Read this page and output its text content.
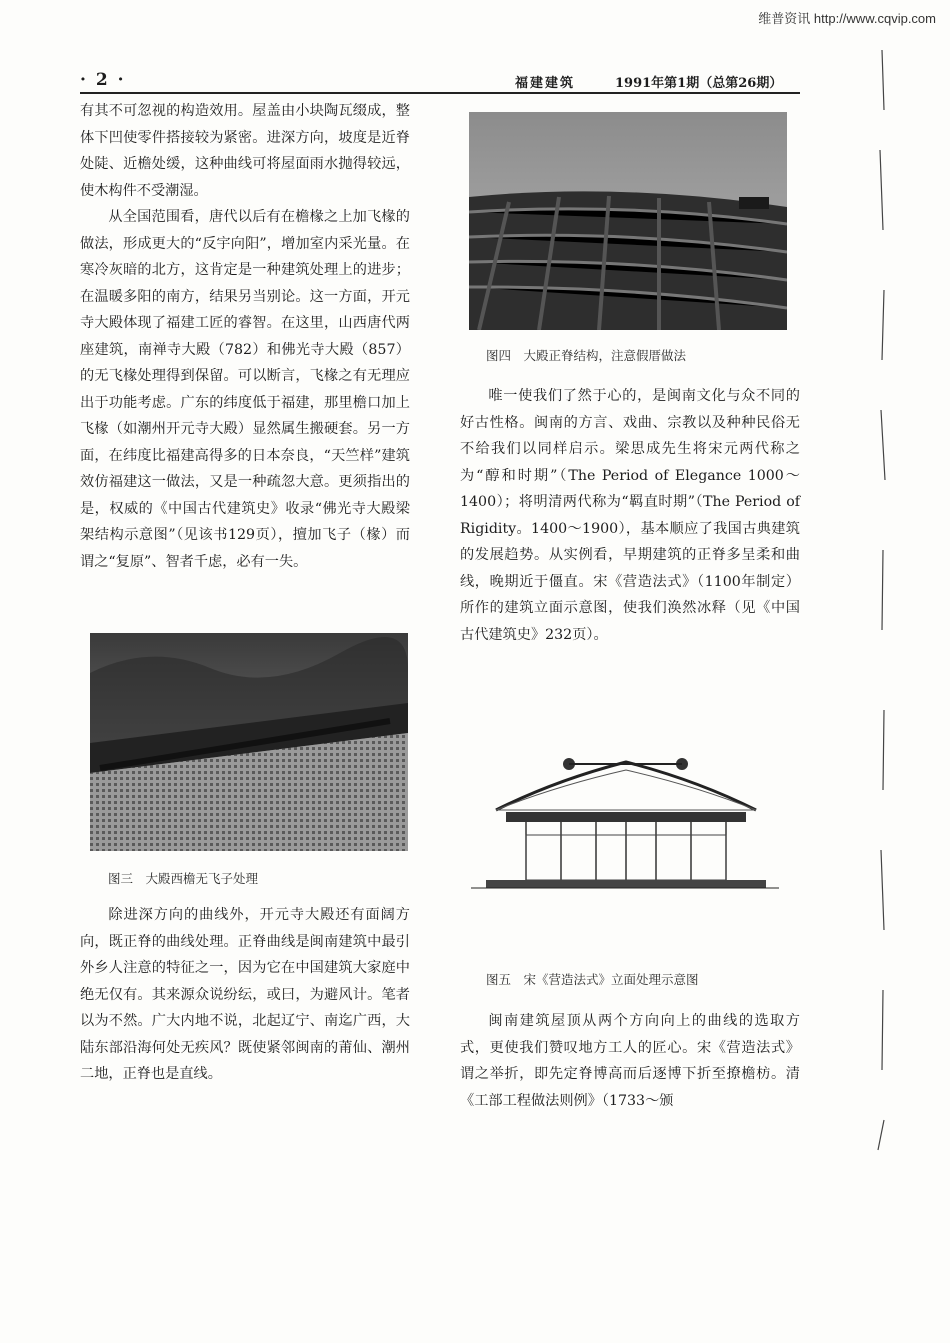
维普资讯 http://www.cqvip.com
· 2 ·	福建建筑	1991年第1期（总第26期）

有其不可忽视的构造效用。屋盖由小块陶瓦缀成，整体下凹使零件搭接较为紧密。进深方向，坡度是近脊处陡、近檐处缓，这种曲线可将屋面雨水抛得较远，使木构件不受潮湿。

从全国范围看，唐代以后有在檐椽之上加飞椽的做法，形成更大的“反宇向阳”，增加室内采光量。在寒冷灰暗的北方，这肯定是一种建筑处理上的进步；在温暖多阳的南方，结果另当别论。这一方面，开元寺大殿体现了福建工匠的睿智。在这里，山西唐代两座建筑，南禅寺大殿（782）和佛光寺大殿（857）的无飞椽处理得到保留。可以断言，飞椽之有无理应出于功能考虑。广东的纬度低于福建，那里檐口加上飞椽（如潮州开元寺大殿）显然属生搬硬套。另一方面，在纬度比福建高得多的日本奈良，“天竺样”建筑效仿福建这一做法，又是一种疏忽大意。更须指出的是，权威的《中国古代建筑史》收录“佛光寺大殿梁架结构示意图”（见该书129页），擅加飞子（椽）而谓之“复原”、智者千虑，必有一失。

图三　大殿西檐无飞子处理

除进深方向的曲线外，开元寺大殿还有面阔方向，既正脊的曲线处理。正脊曲线是闽南建筑中最引外乡人注意的特征之一，因为它在中国建筑大家庭中绝无仅有。其来源众说纷纭，或曰，为避风计。笔者以为不然。广大内地不说，北起辽宁、南迄广西，大陆东部沿海何处无疾风？既使紧邻闽南的莆仙、潮州二地，正脊也是直线。

图四　大殿正脊结构，注意假厝做法

唯一使我们了然于心的，是闽南文化与众不同的好古性格。闽南的方言、戏曲、宗教以及种种民俗无不给我们以同样启示。梁思成先生将宋元两代称之为“醇和时期”（The Period of Elegance 1000～1400）；将明清两代称为“羁直时期”（The Period of Rigidity。1400～1900），基本顺应了我国古典建筑的发展趋势。从实例看，早期建筑的正脊多呈柔和曲线，晚期近于僵直。宋《营造法式》（1100年制定）所作的建筑立面示意图，使我们涣然冰释（见《中国古代建筑史》232页）。

图五　宋《营造法式》立面处理示意图

闽南建筑屋顶从两个方向向上的曲线的选取方式，更使我们赞叹地方工人的匠心。宋《营造法式》谓之举折，即先定脊博高而后逐博下折至撩檐枋。清《工部工程做法则例》（1733～颁
